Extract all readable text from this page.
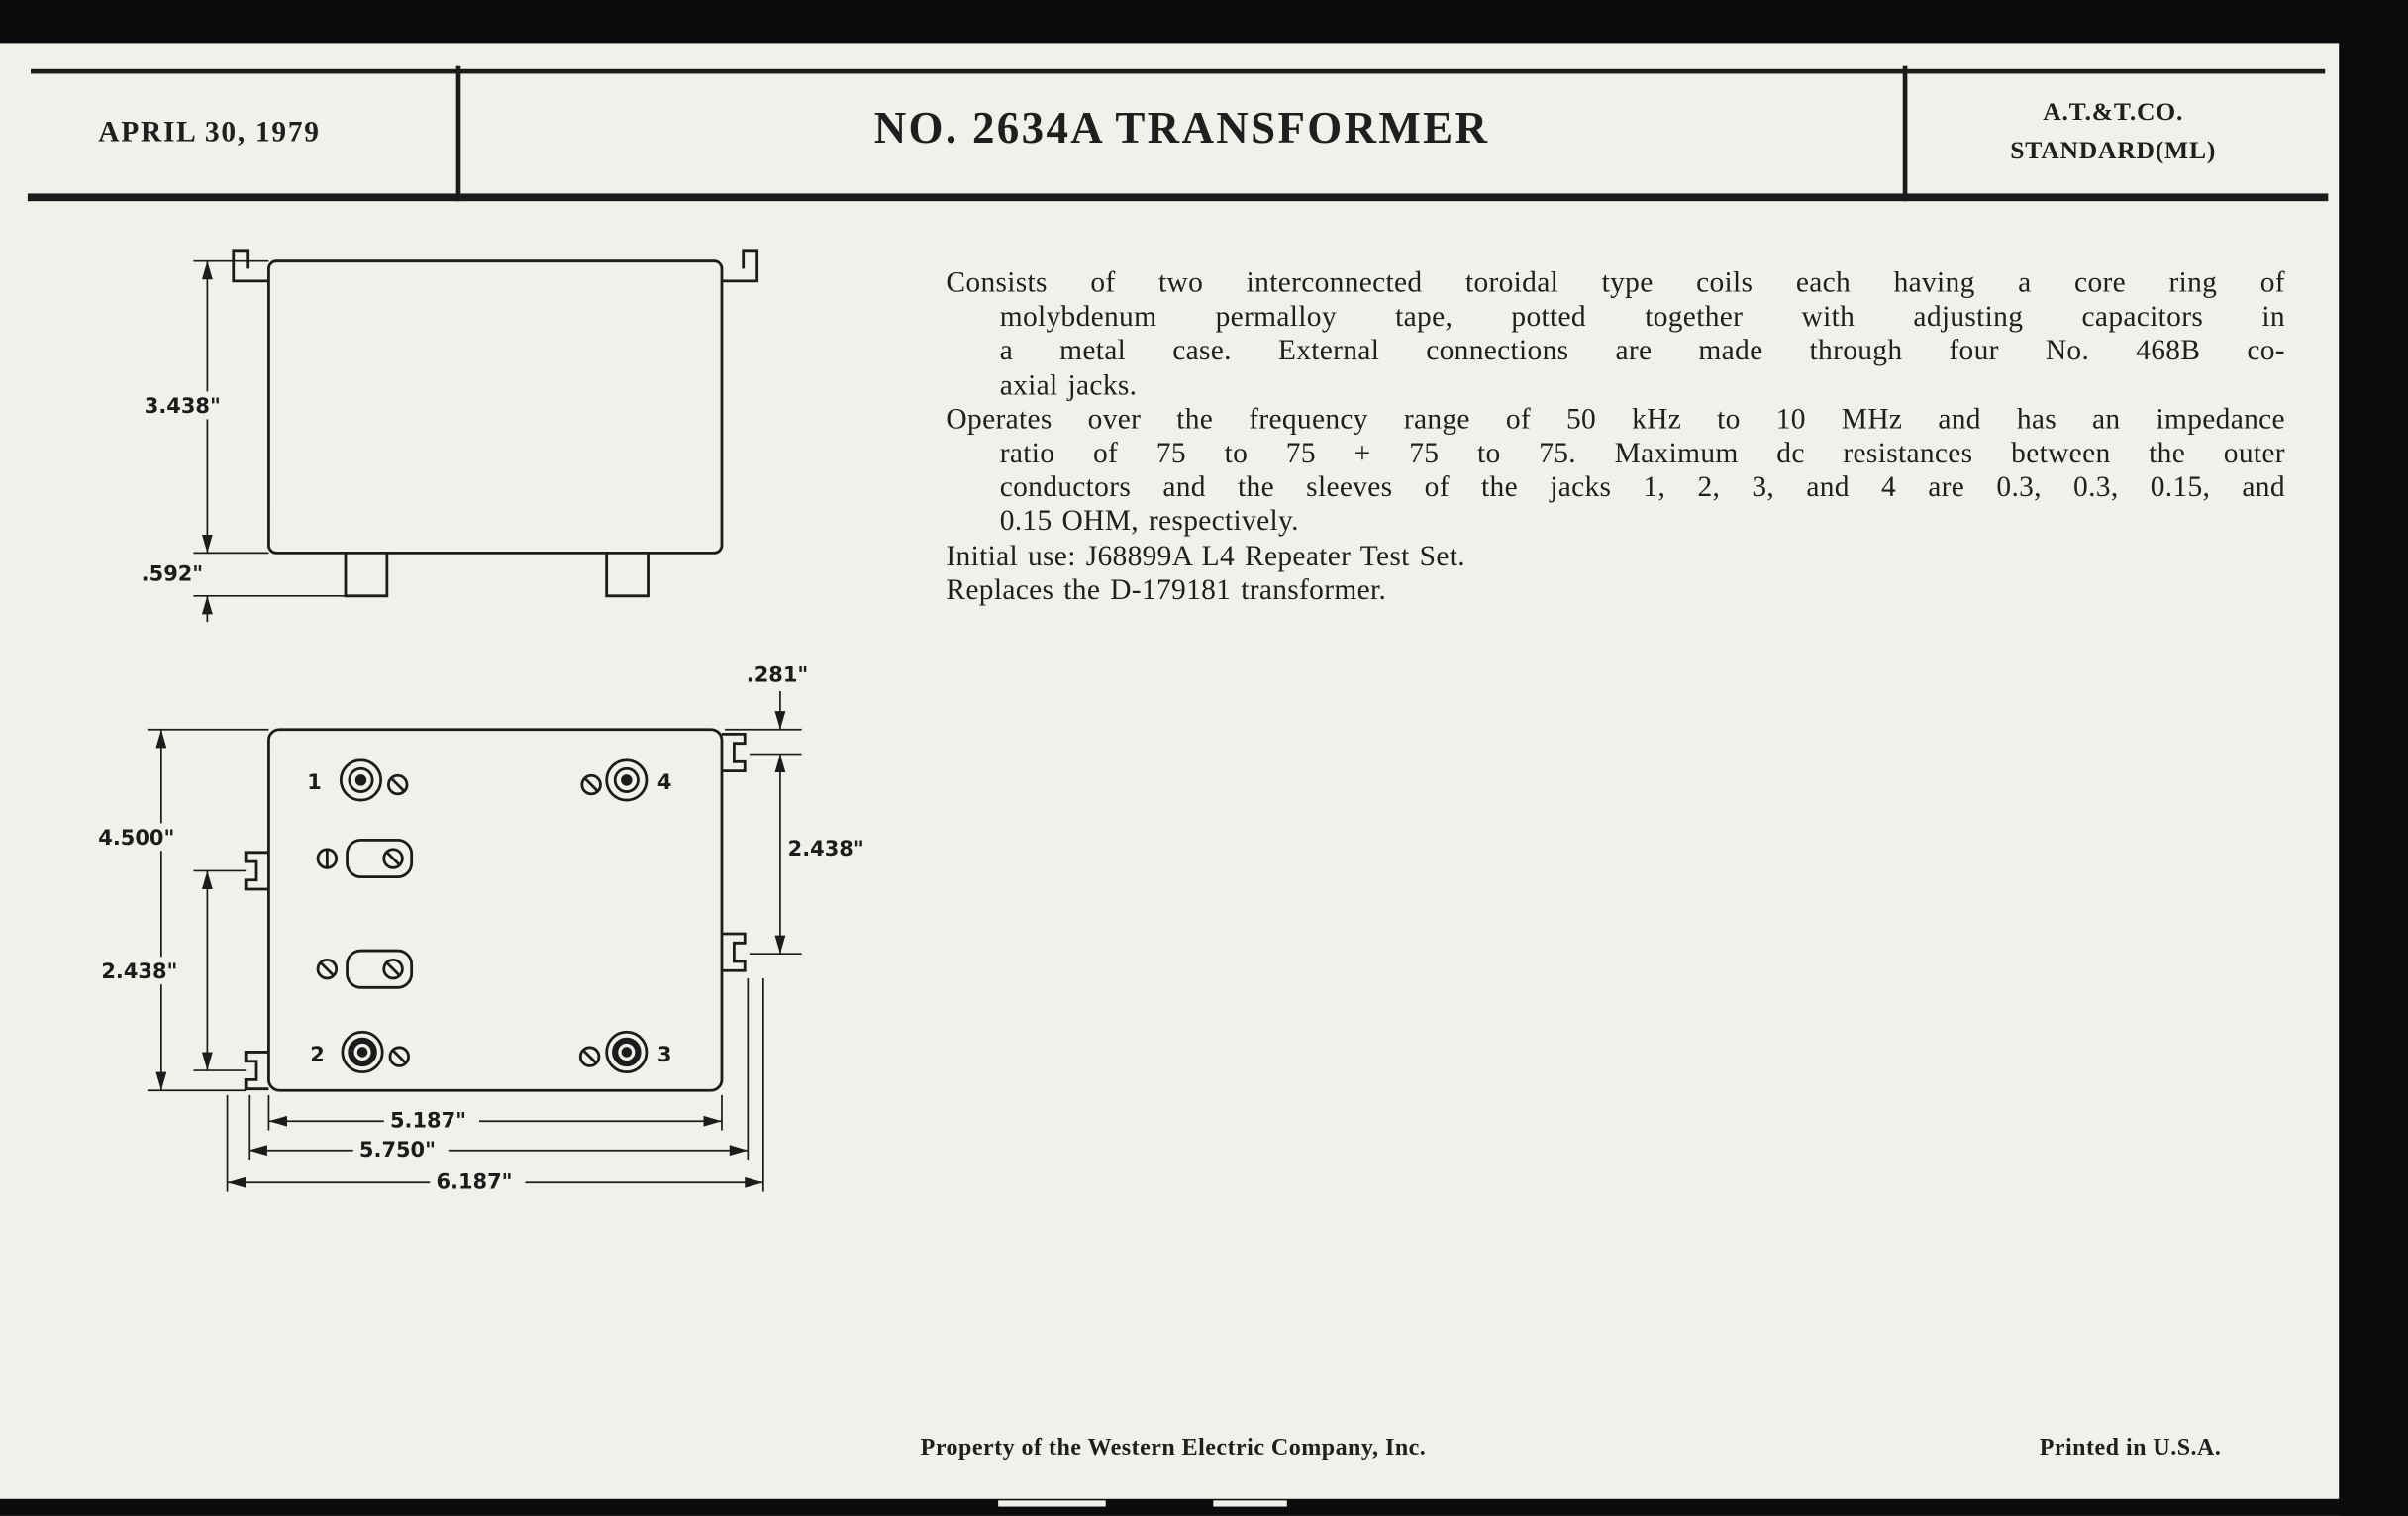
APRIL 30, 1979	NO. 2634A TRANSFORMER	A.T.&T.CO.
STANDARD(ML)
3.438"
.592"
1	4
2	3
4.500"
2.438"
.281"
2.438"
5.187"
5.750"
6.187"
Consists of two interconnected toroidal type coils each having a core ring of
molybdenum permalloy tape, potted together with adjusting capacitors in
a metal case. External connections are made through four No. 468B co-
axial jacks.
Operates over the frequency range of 50 kHz to 10 MHz and has an impedance
ratio of 75 to 75 + 75 to 75. Maximum dc resistances between the outer
conductors and the sleeves of the jacks 1, 2, 3, and 4 are 0.3, 0.3, 0.15, and
0.15 OHM, respectively.
Initial use: J68899A L4 Repeater Test Set.
Replaces the D-179181 transformer.
Property of the Western Electric Company, Inc.	Printed in U.S.A.
